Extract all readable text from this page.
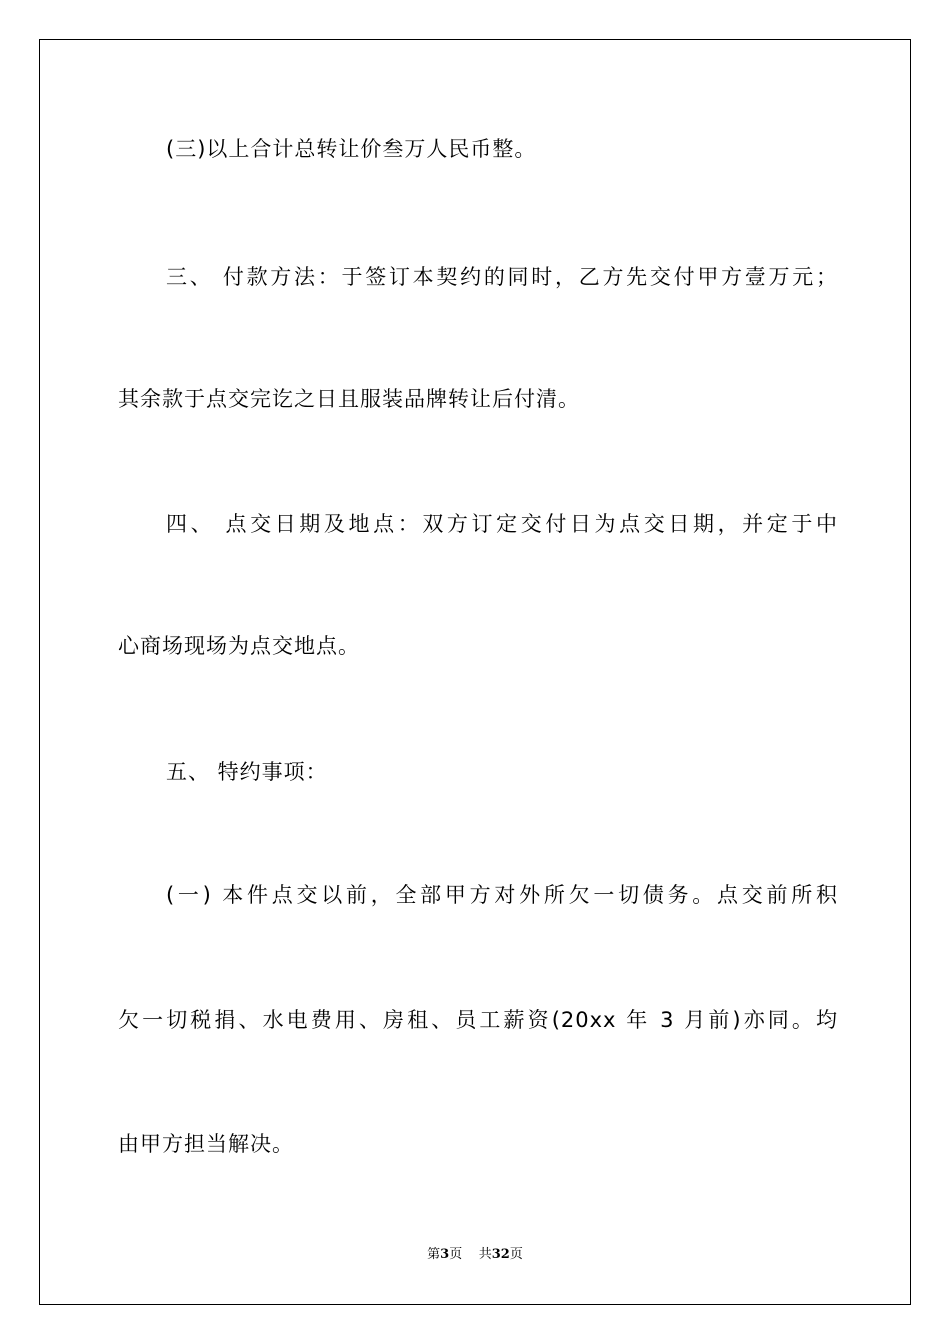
(三)以上合计总转让价叁万人民币整。
三、 付款方法：于签订本契约的同时，乙方先交付甲方壹万元；
其余款于点交完讫之日且服装品牌转让后付清。
四、 点交日期及地点：双方订定交付日为点交日期，并定于中
心商场现场为点交地点。
五、 特约事项：
(一) 本件点交以前，全部甲方对外所欠一切债务。点交前所积
欠一切税捐、水电费用、房租、员工薪资(20xx 年 3 月前)亦同。均
由甲方担当解决。
第3页 共32页
